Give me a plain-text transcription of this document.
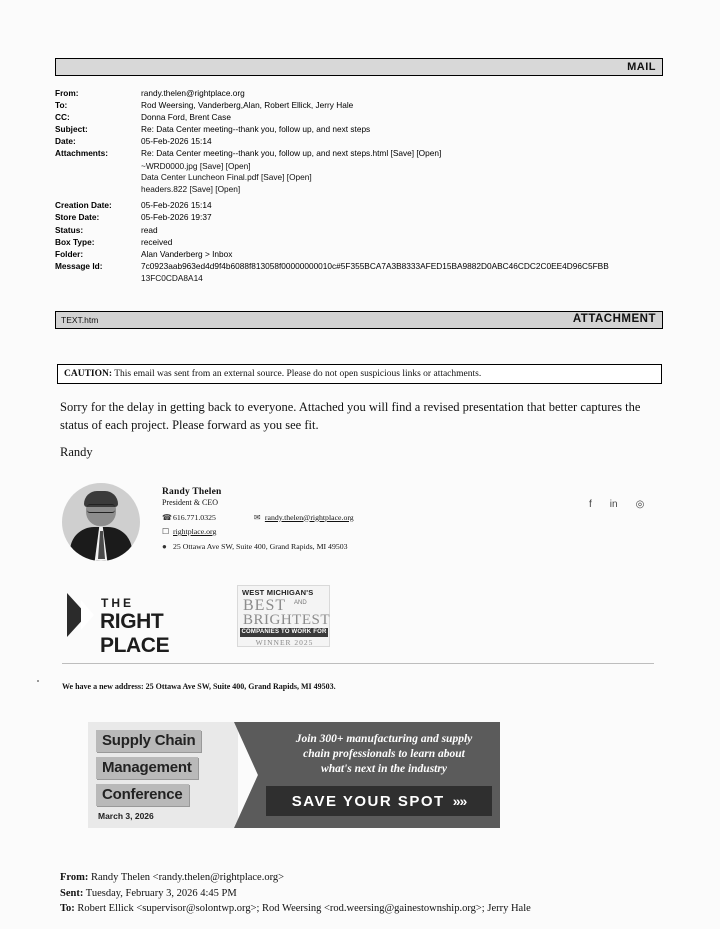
MAIL
From:	randy.thelen@rightplace.org
To:	Rod Weersing, Vanderberg,Alan, Robert Ellick, Jerry Hale
CC:	Donna Ford, Brent Case
Subject:	Re: Data Center meeting--thank you, follow up, and next steps
Date:	05-Feb-2026 15:14
Attachments:	Re: Data Center meeting--thank you, follow up, and next steps.html [Save] [Open]
~WRD0000.jpg [Save] [Open]
Data Center Luncheon Final.pdf [Save] [Open]
headers.822 [Save] [Open]
Creation Date:	05-Feb-2026 15:14
Store Date:	05-Feb-2026 19:37
Status:	read
Box Type:	received
Folder:	Alan Vanderberg > Inbox
Message Id:	7c0923aab963ed4d9f4b6088f813058f00000000010c#5F355BCA7A3B8333AFED15BA9882D0ABC46CDC2C0EE4D96C5FBB
13FC0CDA8A14
TEXT.htm	ATTACHMENT
CAUTION: This email was sent from an external source. Please do not open suspicious links or attachments.
Sorry for the delay in getting back to everyone. Attached you will find a revised presentation that better captures the status of each project. Please forward as you see fit.
Randy
Randy Thelen
President & CEO
☎ 616.771.0325	✉ randy.thelen@rightplace.org
☐ rightplace.org
● 25 Ottawa Ave SW, Suite 400, Grand Rapids, MI 49503
f in ◎
THE
RIGHT PLACE
WEST MICHIGAN'S
BEST AND
BRIGHTEST
COMPANIES TO WORK FOR
WINNER 2025
We have a new address: 25 Ottawa Ave SW, Suite 400, Grand Rapids, MI 49503.
Supply Chain
Management
Conference
March 3, 2026
Join 300+ manufacturing and supply
chain professionals to learn about
what's next in the industry
SAVE YOUR SPOT »»
From: Randy Thelen <randy.thelen@rightplace.org>
Sent: Tuesday, February 3, 2026 4:45 PM
To: Robert Ellick <supervisor@solontwp.org>; Rod Weersing <rod.weersing@gainestownship.org>; Jerry Hale
